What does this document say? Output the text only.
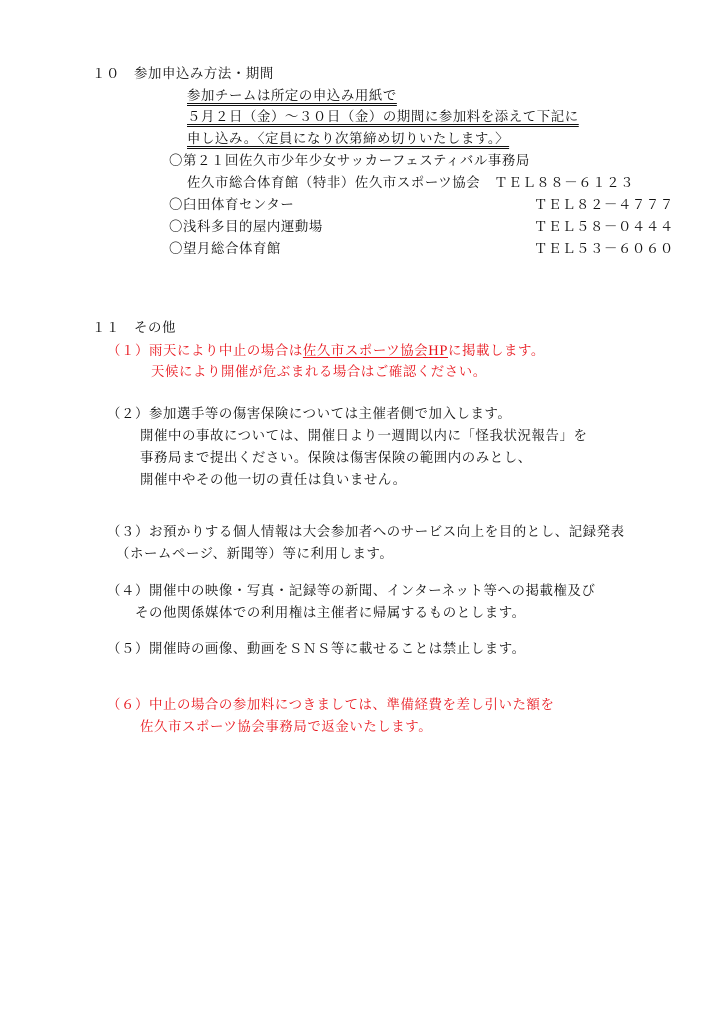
１０　参加申込み方法・期間
参加チームは所定の申込み用紙で
５月２日（金）～３０日（金）の期間に参加料を添えて下記に
申し込み。〈定員になり次第締め切りいたします。〉
〇第２１回佐久市少年少女サッカーフェスティバル事務局
佐久市総合体育館（特非）佐久市スポーツ協会　ＴＥＬ８８－６１２３
〇臼田体育センター	ＴＥＬ８２－４７７７
〇浅科多目的屋内運動場	ＴＥＬ５８－０４４４
〇望月総合体育館	ＴＥＬ５３－６０６０
１１　その他
（１）雨天により中止の場合は佐久市スポーツ協会HPに掲載します。
天候により開催が危ぶまれる場合はご確認ください。
（２）参加選手等の傷害保険については主催者側で加入します。
開催中の事故については、開催日より一週間以内に「怪我状況報告」を
事務局まで提出ください。保険は傷害保険の範囲内のみとし、
開催中やその他一切の責任は負いません。
（３）お預かりする個人情報は大会参加者へのサービス向上を目的とし、記録発表
（ホームページ、新聞等）等に利用します。
（４）開催中の映像・写真・記録等の新聞、インターネット等への掲載権及び
その他関係媒体での利用権は主催者に帰属するものとします。
（５）開催時の画像、動画をＳＮＳ等に載せることは禁止します。
（６）中止の場合の参加料につきましては、準備経費を差し引いた額を
佐久市スポーツ協会事務局で返金いたします。
